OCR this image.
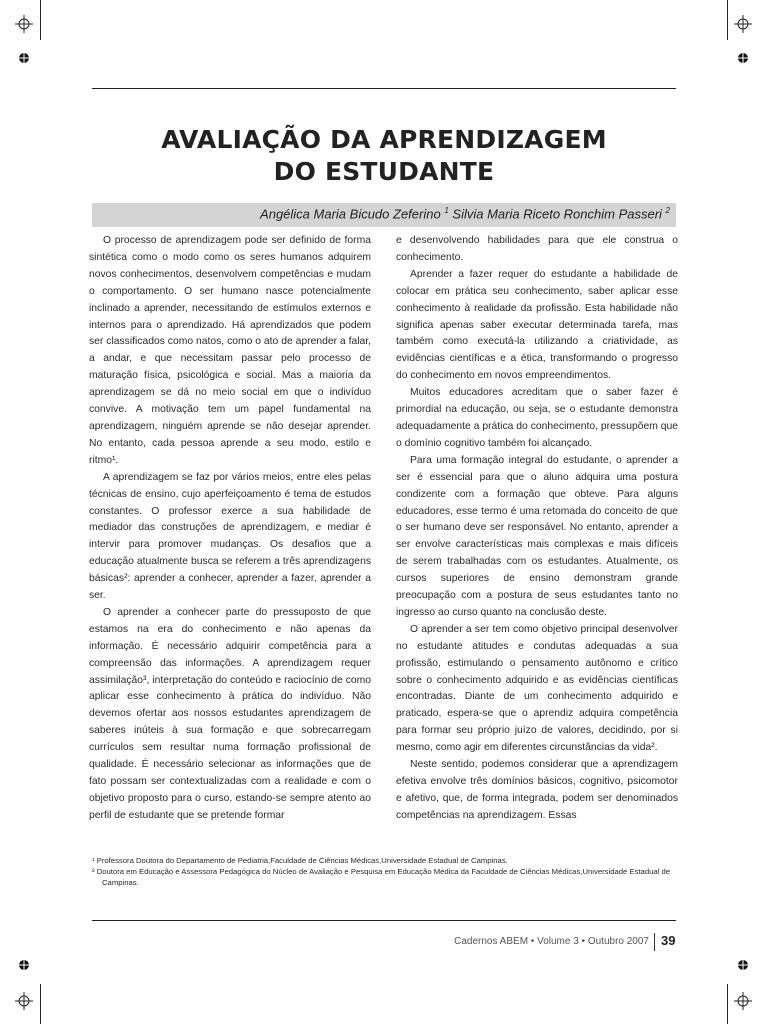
AVALIAÇÃO DA APRENDIZAGEM
DO ESTUDANTE
Angélica Maria Bicudo Zeferino $^1$ Silvia Maria Riceto Ronchim Passeri $^2$

O processo de aprendizagem pode ser definido de forma sintética como o modo como os seres humanos adquirem novos conhecimentos, desenvolvem competências e mudam o comportamento. O ser humano nasce potencialmente inclinado a aprender, necessitando de estímulos externos e internos para o aprendizado. Há aprendizados que podem ser classificados como natos, como o ato de aprender a falar, a andar, e que necessitam passar pelo processo de maturação física, psicológica e social. Mas a maioria da aprendizagem se dá no meio social em que o indivíduo convive. A motivação tem um papel fundamental na aprendizagem, ninguém aprende se não desejar aprender. No entanto, cada pessoa aprende a seu modo, estilo e ritmo¹.

A aprendizagem se faz por vários meios, entre eles pelas técnicas de ensino, cujo aperfeiçoamento é tema de estudos constantes. O professor exerce a sua habilidade de mediador das construções de aprendizagem, e mediar é intervir para promover mudanças. Os desafios que a educação atualmente busca se referem a três aprendizagens básicas²: aprender a conhecer, aprender a fazer, aprender a ser.

O aprender a conhecer parte do pressuposto de que estamos na era do conhecimento e não apenas da informação. É necessário adquirir competência para a compreensão das informações. A aprendizagem requer assimilação³, interpretação do conteúdo e raciocínio de como aplicar esse conhecimento à prática do indivíduo. Não devemos ofertar aos nossos estudantes aprendizagem de saberes inúteis à sua formação e que sobrecarregam currículos sem resultar numa formação profissional de qualidade. É necessário selecionar as informações que de fato possam ser contextualizadas com a realidade e com o objetivo proposto para o curso, estando-se sempre atento ao perfil de estudante que se pretende formar

e desenvolvendo habilidades para que ele construa o conhecimento.

Aprender a fazer requer do estudante a habilidade de colocar em prática seu conhecimento, saber aplicar esse conhecimento à realidade da profissão. Esta habilidade não significa apenas saber executar determinada tarefa, mas também como executá-la utilizando a criatividade, as evidências científicas e a ética, transformando o progresso do conhecimento em novos empreendimentos.

Muitos educadores acreditam que o saber fazer é primordial na educação, ou seja, se o estudante demonstra adequadamente a prática do conhecimento, pressupõem que o domínio cognitivo também foi alcançado.

Para uma formação integral do estudante, o aprender a ser é essencial para que o aluno adquira uma postura condizente com a formação que obteve. Para alguns educadores, esse termo é uma retomada do conceito de que o ser humano deve ser responsável. No entanto, aprender a ser envolve características mais complexas e mais difíceis de serem trabalhadas com os estudantes. Atualmente, os cursos superiores de ensino demonstram grande preocupação com a postura de seus estudantes tanto no ingresso ao curso quanto na conclusão deste.

O aprender a ser tem como objetivo principal desenvolver no estudante atitudes e condutas adequadas a sua profissão, estimulando o pensamento autônomo e crítico sobre o conhecimento adquirido e as evidências científicas encontradas. Diante de um conhecimento adquirido e praticado, espera-se que o aprendiz adquira competência para formar seu próprio juízo de valores, decidindo, por si mesmo, como agir em diferentes circunstâncias da vida².

Neste sentido, podemos considerar que a aprendizagem efetiva envolve três domínios básicos, cognitivo, psicomotor e afetivo, que, de forma integrada, podem ser denominados competências na aprendizagem. Essas

¹ Professora Doutora do Departamento de Pediatria,Faculdade de Ciências Médicas,Universidade Estadual de Campinas.
² Doutora em Educação e Assessora Pedagógica do Núcleo de Avaliação e Pesquisa em Educação Médica da Faculdade de Ciências Médicas,Universidade Estadual de Campinas.
Cadernos ABEM • Volume 3 • Outubro 2007 39
